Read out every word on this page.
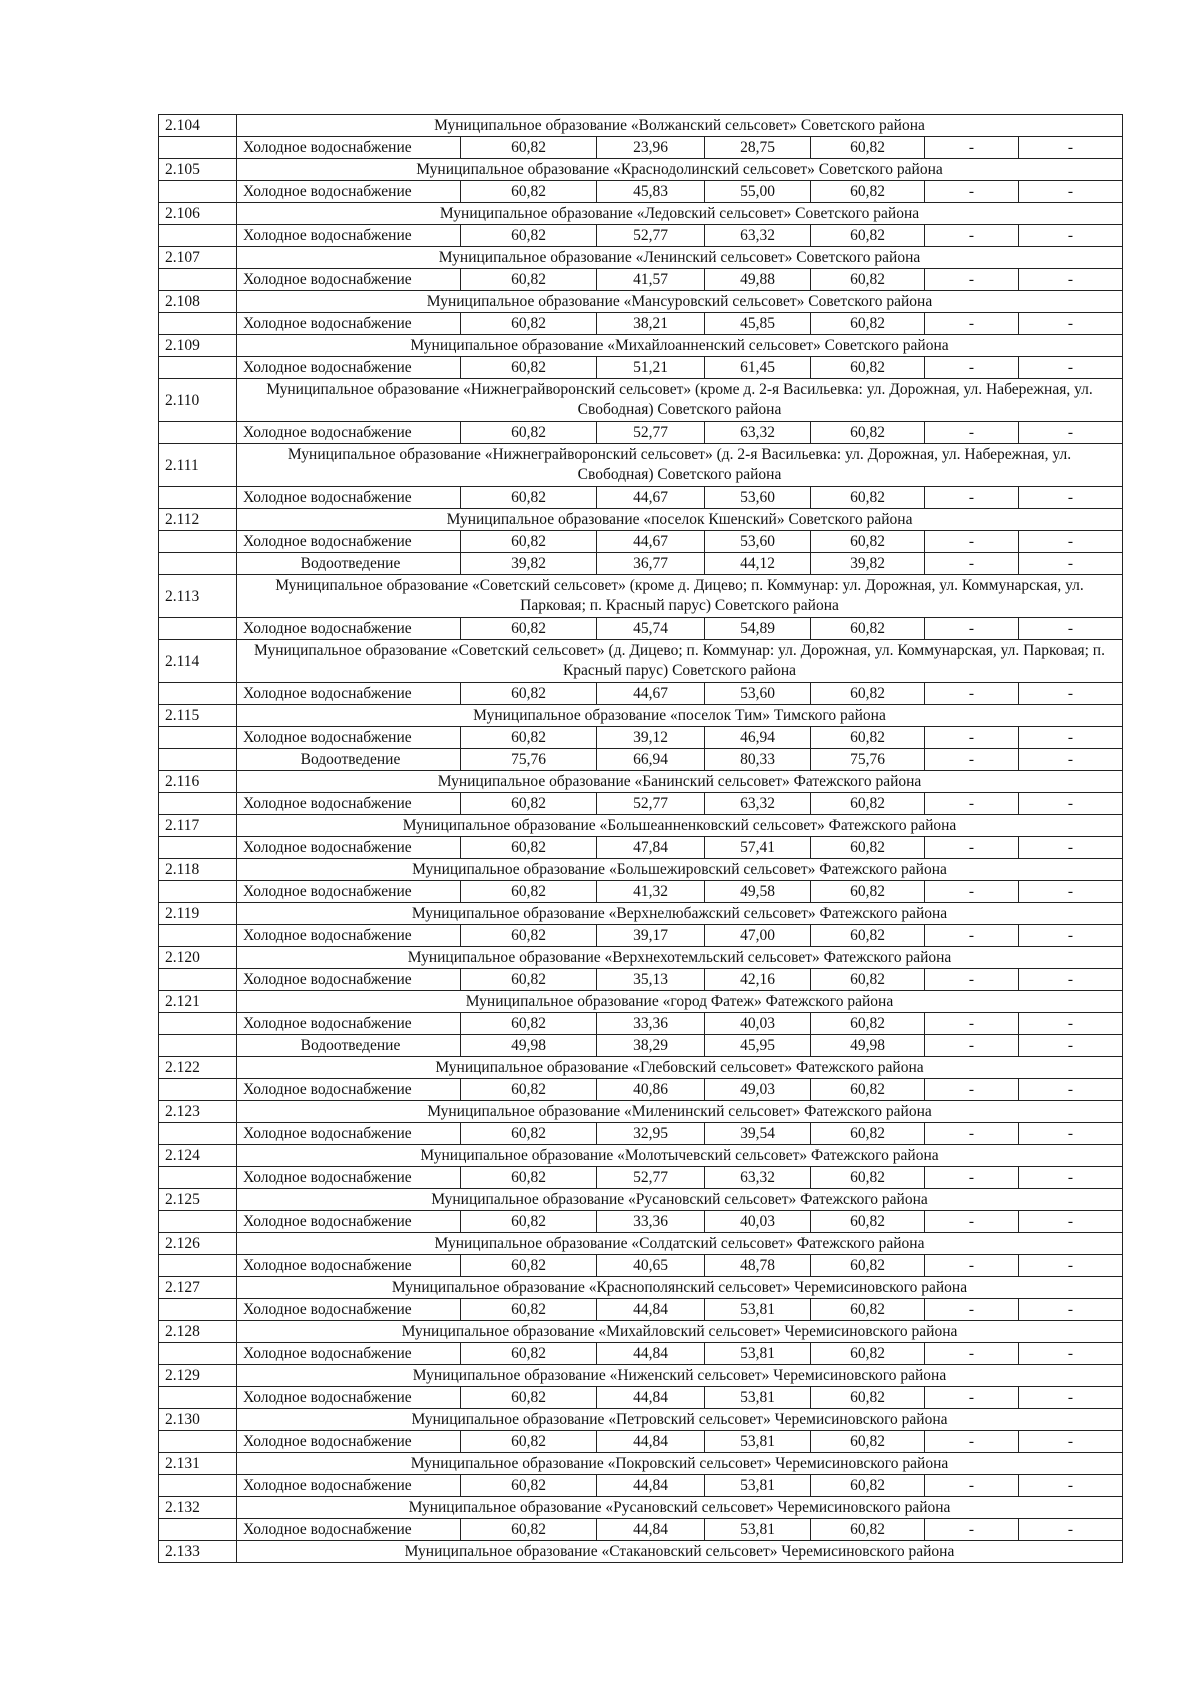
2.104	Муниципальное образование «Волжанский сельсовет» Советского района						
	Холодное водоснабжение	60,82	23,96	28,75	60,82	-	-
2.105	Муниципальное образование «Краснодолинский сельсовет» Советского района						
	Холодное водоснабжение	60,82	45,83	55,00	60,82	-	-
2.106	Муниципальное образование «Ледовский сельсовет» Советского района						
	Холодное водоснабжение	60,82	52,77	63,32	60,82	-	-
2.107	Муниципальное образование «Ленинский сельсовет» Советского района						
	Холодное водоснабжение	60,82	41,57	49,88	60,82	-	-
2.108	Муниципальное образование «Мансуровский сельсовет» Советского района						
	Холодное водоснабжение	60,82	38,21	45,85	60,82	-	-
2.109	Муниципальное образование «Михайлоанненский сельсовет» Советского района						
	Холодное водоснабжение	60,82	51,21	61,45	60,82	-	-
2.110	Муниципальное образование «Нижнеграйворонский сельсовет» (кроме д. 2-я Васильевка: ул. Дорожная, ул. Набережная, ул. Свободная) Советского района						
	Холодное водоснабжение	60,82	52,77	63,32	60,82	-	-
2.111	Муниципальное образование «Нижнеграйворонский сельсовет» (д. 2-я Васильевка: ул. Дорожная, ул. Набережная, ул. Свободная) Советского района						
	Холодное водоснабжение	60,82	44,67	53,60	60,82	-	-
2.112	Муниципальное образование «поселок Кшенский» Советского района						
	Холодное водоснабжение	60,82	44,67	53,60	60,82	-	-
	Водоотведение	39,82	36,77	44,12	39,82	-	-
2.113	Муниципальное образование «Советский сельсовет» (кроме д. Дицево; п. Коммунар: ул. Дорожная, ул. Коммунарская, ул. Парковая; п. Красный парус) Советского района						
	Холодное водоснабжение	60,82	45,74	54,89	60,82	-	-
2.114	Муниципальное образование «Советский сельсовет» (д. Дицево; п. Коммунар: ул. Дорожная, ул. Коммунарская, ул. Парковая; п. Красный парус) Советского района						
	Холодное водоснабжение	60,82	44,67	53,60	60,82	-	-
2.115	Муниципальное образование «поселок Тим» Тимского района						
	Холодное водоснабжение	60,82	39,12	46,94	60,82	-	-
	Водоотведение	75,76	66,94	80,33	75,76	-	-
2.116	Муниципальное образование «Банинский сельсовет» Фатежского района						
	Холодное водоснабжение	60,82	52,77	63,32	60,82	-	-
2.117	Муниципальное образование «Большеанненковский сельсовет» Фатежского района						
	Холодное водоснабжение	60,82	47,84	57,41	60,82	-	-
2.118	Муниципальное образование «Большежировский сельсовет» Фатежского района						
	Холодное водоснабжение	60,82	41,32	49,58	60,82	-	-
2.119	Муниципальное образование «Верхнелюбажский сельсовет» Фатежского района						
	Холодное водоснабжение	60,82	39,17	47,00	60,82	-	-
2.120	Муниципальное образование «Верхнехотемльский сельсовет» Фатежского района						
	Холодное водоснабжение	60,82	35,13	42,16	60,82	-	-
2.121	Муниципальное образование «город Фатеж» Фатежского района						
	Холодное водоснабжение	60,82	33,36	40,03	60,82	-	-
	Водоотведение	49,98	38,29	45,95	49,98	-	-
2.122	Муниципальное образование «Глебовский сельсовет» Фатежского района						
	Холодное водоснабжение	60,82	40,86	49,03	60,82	-	-
2.123	Муниципальное образование «Миленинский сельсовет» Фатежского района						
	Холодное водоснабжение	60,82	32,95	39,54	60,82	-	-
2.124	Муниципальное образование «Молотычевский сельсовет» Фатежского района						
	Холодное водоснабжение	60,82	52,77	63,32	60,82	-	-
2.125	Муниципальное образование «Русановский сельсовет» Фатежского района						
	Холодное водоснабжение	60,82	33,36	40,03	60,82	-	-
2.126	Муниципальное образование «Солдатский сельсовет» Фатежского района						
	Холодное водоснабжение	60,82	40,65	48,78	60,82	-	-
2.127	Муниципальное образование «Краснополянский сельсовет» Черемисиновского района						
	Холодное водоснабжение	60,82	44,84	53,81	60,82	-	-
2.128	Муниципальное образование «Михайловский сельсовет» Черемисиновского района						
	Холодное водоснабжение	60,82	44,84	53,81	60,82	-	-
2.129	Муниципальное образование «Ниженский сельсовет» Черемисиновского района						
	Холодное водоснабжение	60,82	44,84	53,81	60,82	-	-
2.130	Муниципальное образование «Петровский сельсовет» Черемисиновского района						
	Холодное водоснабжение	60,82	44,84	53,81	60,82	-	-
2.131	Муниципальное образование «Покровский сельсовет» Черемисиновского района						
	Холодное водоснабжение	60,82	44,84	53,81	60,82	-	-
2.132	Муниципальное образование «Русановский сельсовет» Черемисиновского района						
	Холодное водоснабжение	60,82	44,84	53,81	60,82	-	-
2.133	Муниципальное образование «Стакановский сельсовет» Черемисиновского района						
